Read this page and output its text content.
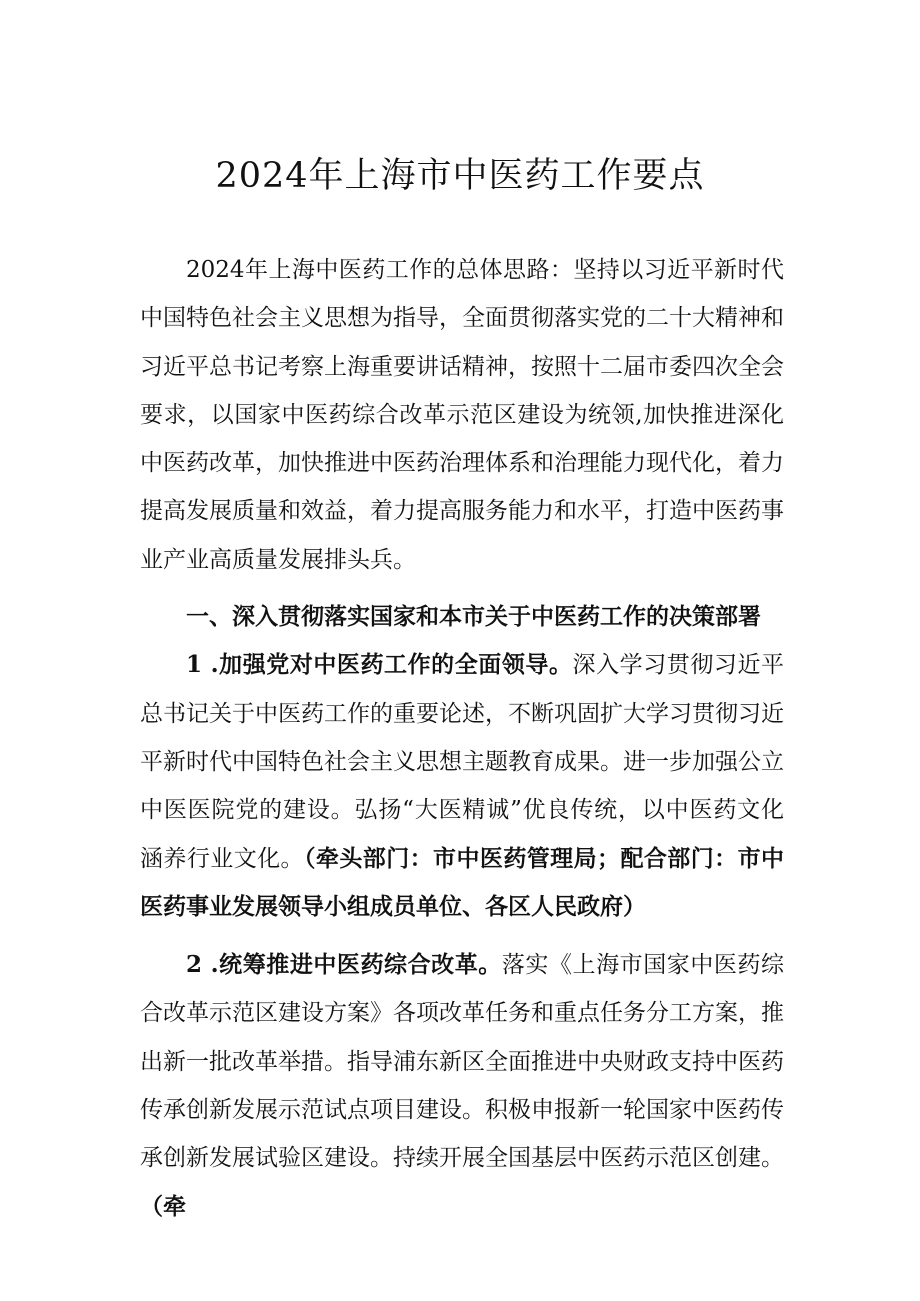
2024年上海市中医药工作要点

2024年上海中医药工作的总体思路：坚持以习近平新时代中国特色社会主义思想为指导，全面贯彻落实党的二十大精神和习近平总书记考察上海重要讲话精神，按照十二届市委四次全会要求，以国家中医药综合改革示范区建设为统领,加快推进深化中医药改革，加快推进中医药治理体系和治理能力现代化，着力提高发展质量和效益，着力提高服务能力和水平，打造中医药事业产业高质量发展排头兵。

一、深入贯彻落实国家和本市关于中医药工作的决策部署

1 .加强党对中医药工作的全面领导。深入学习贯彻习近平总书记关于中医药工作的重要论述，不断巩固扩大学习贯彻习近平新时代中国特色社会主义思想主题教育成果。进一步加强公立中医医院党的建设。弘扬“大医精诚”优良传统，以中医药文化涵养行业文化。（牵头部门：市中医药管理局；配合部门：市中医药事业发展领导小组成员单位、各区人民政府）

2 .统筹推进中医药综合改革。落实《上海市国家中医药综合改革示范区建设方案》各项改革任务和重点任务分工方案，推出新一批改革举措。指导浦东新区全面推进中央财政支持中医药传承创新发展示范试点项目建设。积极申报新一轮国家中医药传承创新发展试验区建设。持续开展全国基层中医药示范区创建。（牵
